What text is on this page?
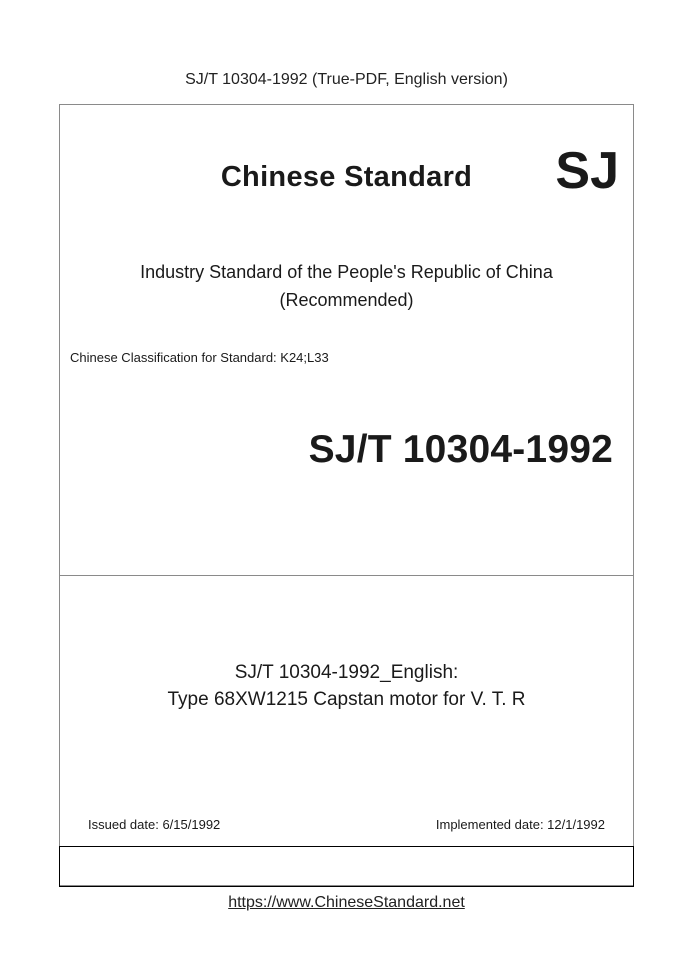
SJ/T 10304-1992 (True-PDF, English version)
Chinese Standard	SJ
Industry Standard of the People's Republic of China
(Recommended)
Chinese Classification for Standard: K24;L33
SJ/T 10304-1992
SJ/T 10304-1992_English:
Type 68XW1215 Capstan motor for V. T. R
Issued date: 6/15/1992	Implemented date: 12/1/1992
https://www.ChineseStandard.net
